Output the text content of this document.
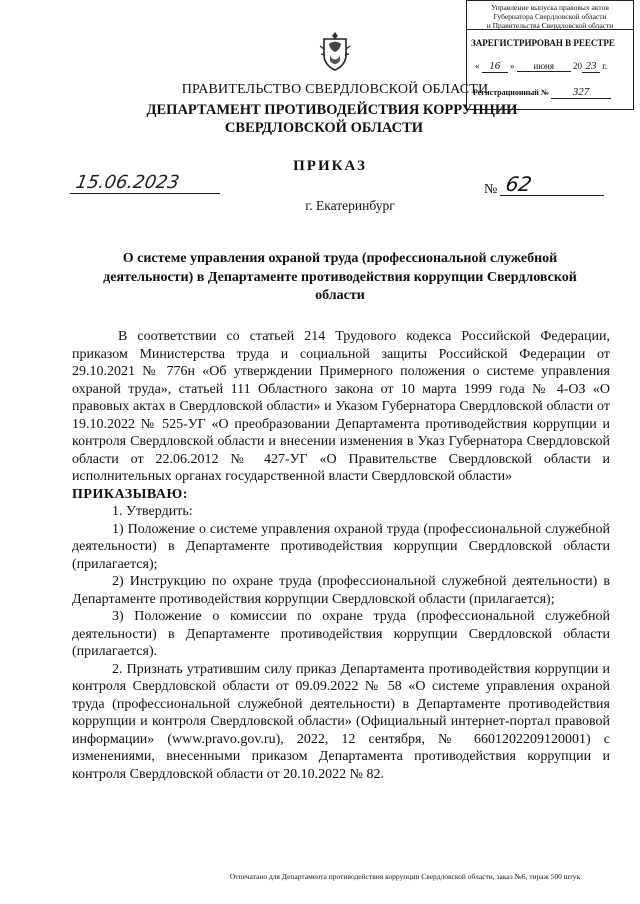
Управление выпуска правовых актов
Губернатора Свердловской области
и Правительства Свердловской области
ЗАРЕГИСТРИРОВАН В РЕЕСТРЕ
« 16 » июня 20 23 г.
Регистрационный № 327
ПРАВИТЕЛЬСТВО СВЕРДЛОВСКОЙ ОБЛАСТИ
ДЕПАРТАМЕНТ ПРОТИВОДЕЙСТВИЯ КОРРУПЦИИ
СВЕРДЛОВСКОЙ ОБЛАСТИ
ПРИКАЗ
15.06.2023	№ 62
г. Екатеринбург
О системе управления охраной труда (профессиональной служебной деятельности) в Департаменте противодействия коррупции Свердловской области

В соответствии со статьей 214 Трудового кодекса Российской Федерации, приказом Министерства труда и социальной защиты Российской Федерации от 29.10.2021 № 776н «Об утверждении Примерного положения о системе управления охраной труда», статьей 111 Областного закона от 10 марта 1999 года № 4-ОЗ «О правовых актах в Свердловской области» и Указом Губернатора Свердловской области от 19.10.2022 № 525-УГ «О преобразовании Департамента противодействия коррупции и контроля Свердловской области и внесении изменения в Указ Губернатора Свердловской области от 22.06.2012 № 427-УГ «О Правительстве Свердловской области и исполнительных органах государственной власти Свердловской области»

ПРИКАЗЫВАЮ:

1. Утвердить:

1) Положение о системе управления охраной труда (профессиональной служебной деятельности) в Департаменте противодействия коррупции Свердловской области (прилагается);

2) Инструкцию по охране труда (профессиональной служебной деятельности) в Департаменте противодействия коррупции Свердловской области (прилагается);

3) Положение о комиссии по охране труда (профессиональной служебной деятельности) в Департаменте противодействия коррупции Свердловской области (прилагается).

2. Признать утратившим силу приказ Департамента противодействия коррупции и контроля Свердловской области от 09.09.2022 № 58 «О системе управления охраной труда (профессиональной служебной деятельности) в Департаменте противодействия коррупции и контроля Свердловской области» (Официальный интернет-портал правовой информации» (www.pravo.gov.ru), 2022, 12 сентября, № 6601202209120001) с изменениями, внесенными приказом Департамента противодействия коррупции и контроля Свердловской области от 20.10.2022 № 82.

Отпечатано для Департамента противодействия коррупции Свердловской области, заказ №6, тираж 500 штук
